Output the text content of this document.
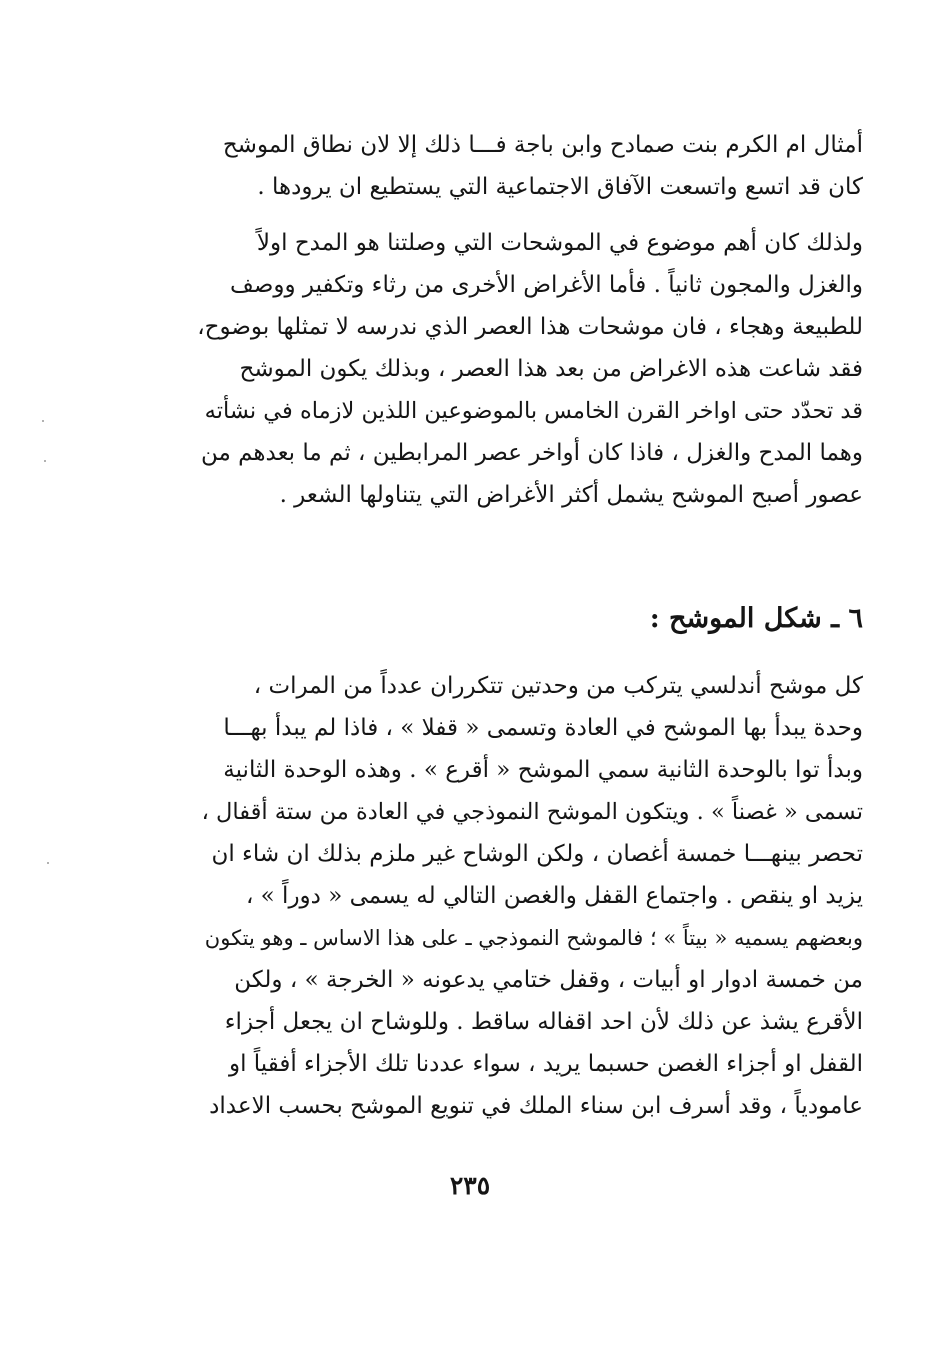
أمثال ام الكرم بنت صمادح وابن باجة فـــا ذلك إلا لان نطاق الموشح
كان قد اتسع واتسعت الآفاق الاجتماعية التي يستطيع ان يرودها .
ولذلك كان أهم موضوع في الموشحات التي وصلتنا هو المدح اولاً
والغزل والمجون ثانياً . فأما الأغراض الأخرى من رثاء وتكفير ووصف
للطبيعة وهجاء ، فان موشحات هذا العصر الذي ندرسه لا تمثلها بوضوح،
فقد شاعت هذه الاغراض من بعد هذا العصر ، وبذلك يكون الموشح
قد تحدّد حتى اواخر القرن الخامس بالموضوعين اللذين لازماه في نشأته
وهما المدح والغزل ، فاذا كان أواخر عصر المرابطين ، ثم ما بعدهم من
عصور أصبح الموشح يشمل أكثر الأغراض التي يتناولها الشعر .
٦ ـ شكل الموشح :
كل موشح أندلسي يتركب من وحدتين تتكرران عدداً من المرات ،
وحدة يبدأ بها الموشح في العادة وتسمى « قفلا » ، فاذا لم يبدأ بهـــا
وبدأ توا بالوحدة الثانية سمي الموشح « أقرع » . وهذه الوحدة الثانية
تسمى « غصناً » . ويتكون الموشح النموذجي في العادة من ستة أقفال ،
تحصر بينهـــا خمسة أغصان ، ولكن الوشاح غير ملزم بذلك ان شاء ان
يزيد او ينقص . واجتماع القفل والغصن التالي له يسمى « دوراً » ،
وبعضهم يسميه « بيتاً » ؛ فالموشح النموذجي ـ على هذا الاساس ـ وهو يتكون
من خمسة ادوار او أبيات ، وقفل ختامي يدعونه « الخرجة » ، ولكن
الأقرع يشذ عن ذلك لأن احد اقفاله ساقط . وللوشاح ان يجعل أجزاء
القفل او أجزاء الغصن حسبما يريد ، سواء عددنا تلك الأجزاء أفقياً او
عامودياً ، وقد أسرف ابن سناء الملك في تنويع الموشح بحسب الاعداد
٢٣٥
